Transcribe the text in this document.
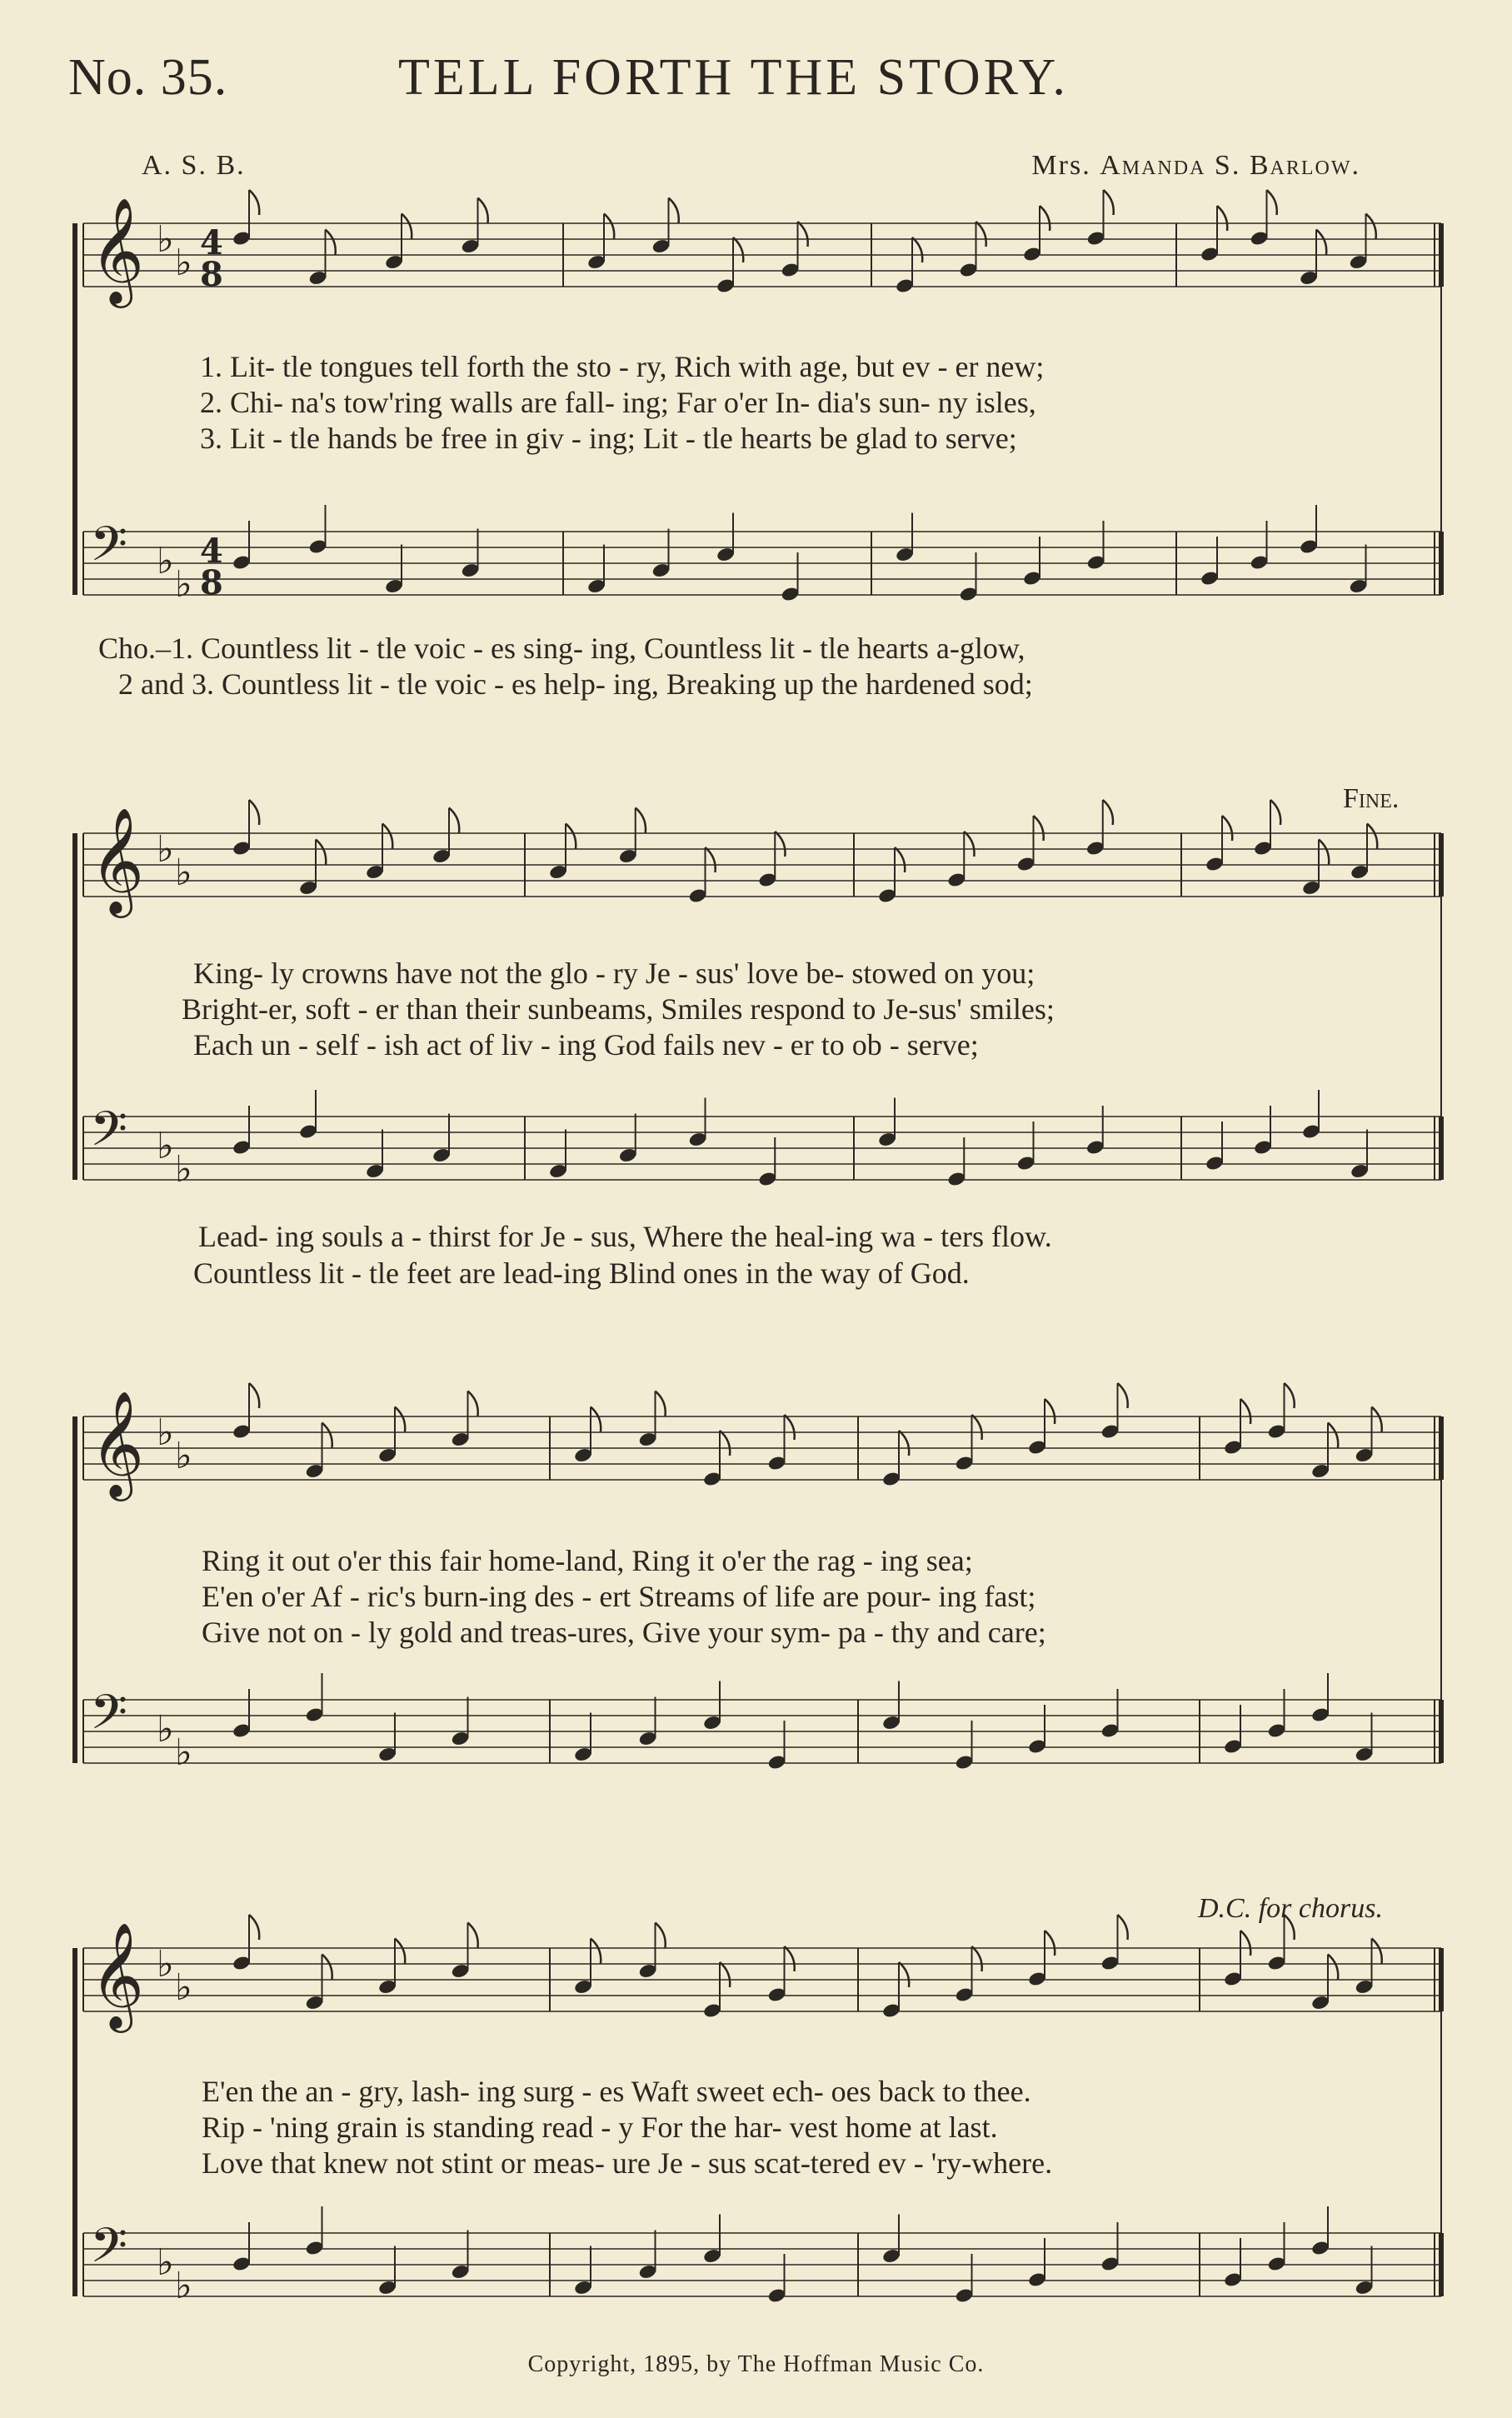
No. 35.	TELL FORTH THE STORY.
A. S. B.	Mrs. Amanda S. Barlow.
𝄞 ♭
♭ 4
8
𝄢 ♭
♭
4
8
𝄞 ♭
♭
𝄢 ♭
♭
𝄞 ♭
♭
𝄢 ♭
♭
𝄞 ♭
♭
𝄢 ♭
♭
1. Lit- tle tongues tell forth the sto - ry, Rich with age, but ev - er new;
2. Chi- na's tow'ring walls are fall- ing; Far o'er In- dia's sun- ny isles,
3. Lit - tle hands be free in giv - ing; Lit - tle hearts be glad to serve;
Cho.–1. Countless lit - tle voic - es sing- ing, Countless lit - tle hearts a-glow,
2 and 3. Countless lit - tle voic - es help- ing, Breaking up the hardened sod;
Fine.
King- ly crowns have not the glo - ry Je - sus' love be- stowed on you;
Bright-er, soft - er than their sunbeams, Smiles respond to Je-sus' smiles;
Each un - self - ish act of liv - ing God fails nev - er to ob - serve;
Lead- ing souls a - thirst for Je - sus, Where the heal-ing wa - ters flow.
Countless lit - tle feet are lead-ing Blind ones in the way of God.
Ring it out o'er this fair home-land, Ring it o'er the rag - ing sea;
E'en o'er Af - ric's burn-ing des - ert Streams of life are pour- ing fast;
Give not on - ly gold and treas-ures, Give your sym- pa - thy and care;
D.C. for chorus.
E'en the an - gry, lash- ing surg - es Waft sweet ech- oes back to thee.
Rip - 'ning grain is standing read - y For the har- vest home at last.
Love that knew not stint or meas- ure Je - sus scat-tered ev - 'ry-where.
Copyright, 1895, by The Hoffman Music Co.
